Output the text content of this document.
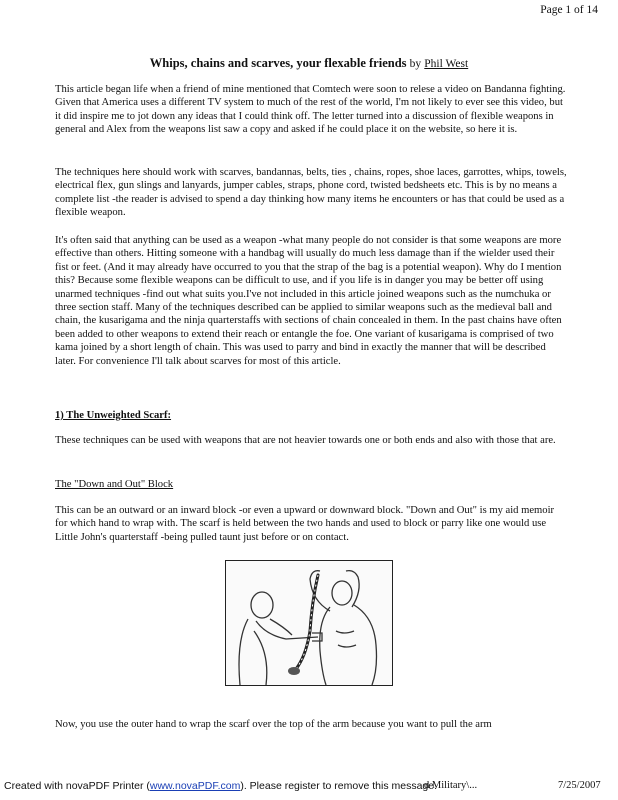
Page 1 of 14
Whips, chains and scarves, your flexable friends by Phil West
This article began life when a friend of mine mentioned that Comtech were soon to relese a video on Bandanna fighting. Given that America uses a different TV system to much of the rest of the world, I'm not likely to ever see this video, but it did inspire me to jot down any ideas that I could think off. The letter turned into a discussion of flexible weapons in general and Alex from the weapons list saw a copy and asked if he could place it on the website, so here it is.
The techniques here should work with scarves, bandannas, belts, ties , chains, ropes, shoe laces, garrottes, whips, towels, electrical flex, gun slings and lanyards, jumper cables, straps, phone cord, twisted bedsheets etc. This is by no means a complete list -the reader is advised to spend a day thinking how many items he encounters or has that could be used as a flexible weapon.
It's often said that anything can be used as a weapon -what many people do not consider is that some weapons are more effective than others. Hitting someone with a handbag will usually do much less damage than if the wielder used their fist or feet. (And it may already have occurred to you that the strap of the bag is a potential weapon). Why do I mention this? Because some flexible weapons can be difficult to use, and if you life is in danger you may be better off using unarmed techniques -find out what suits you.I've not included in this article joined weapons such as the numchuka or three section staff. Many of the techniques described can be applied to similar weapons such as the medieval ball and chain, the kusarigama and the ninja quarterstaffs with sections of chain concealed in them. In the past chains have often been added to other weapons to extend their reach or entangle the foe. One variant of kusarigama is comprised of two kama joined by a short length of chain. This was used to parry and bind in exactly the manner that will be described later. For convenience I'll talk about scarves for most of this article.
1) The Unweighted Scarf:
These techniques can be used with weapons that are not heavier towards one or both ends and also with those that are.
The "Down and Out" Block
This can be an outward or an inward block -or even a upward or downward block. "Down and Out" is my aid memoir for which hand to wrap with. The scarf is held between the two hands and used to block or parry like one would use Little John's quarterstaff -being pulled taunt just before or on contact.
Now, you use the outer hand to wrap the scarf over the top of the arm because you want to pull the arm
Created with novaPDF Printer (www.novaPDF.com). Please register to remove this message.
d Military\...	7/25/2007
